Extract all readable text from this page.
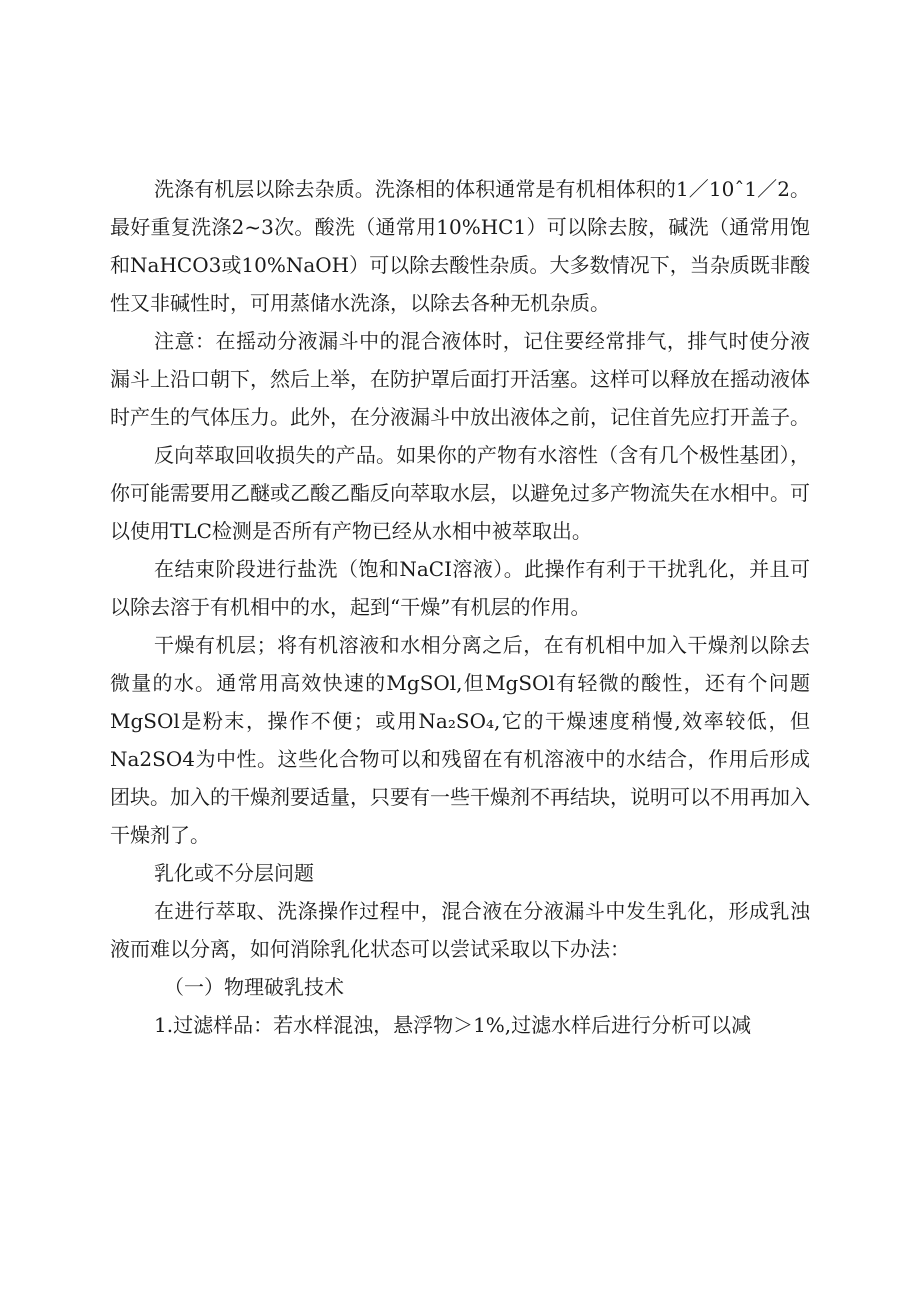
洗涤有机层以除去杂质。洗涤相的体积通常是有机相体积的1／10ˆ1／2。最好重复洗涤2~3次。酸洗（通常用10%HC1）可以除去胺，碱洗（通常用饱和NaHCO3或10%NaOH）可以除去酸性杂质。大多数情况下，当杂质既非酸性又非碱性时，可用蒸储水洗涤，以除去各种无机杂质。

注意：在摇动分液漏斗中的混合液体时，记住要经常排气，排气时使分液漏斗上沿口朝下，然后上举，在防护罩后面打开活塞。这样可以释放在摇动液体时产生的气体压力。此外，在分液漏斗中放出液体之前，记住首先应打开盖子。

反向萃取回收损失的产品。如果你的产物有水溶性（含有几个极性基团），你可能需要用乙醚或乙酸乙酯反向萃取水层，以避免过多产物流失在水相中。可以使用TLC检测是否所有产物已经从水相中被萃取出。

在结束阶段进行盐洗（饱和NaCI溶液）。此操作有利于干扰乳化，并且可以除去溶于有机相中的水，起到“干燥”有机层的作用。

干燥有机层；将有机溶液和水相分离之后，在有机相中加入干燥剂以除去微量的水。通常用高效快速的MgSOl,但MgSOl有轻微的酸性，还有个问题MgSOl是粉末，操作不便；或用Na₂SO₄,它的干燥速度稍慢,效率较低，但Na2SO4为中性。这些化合物可以和残留在有机溶液中的水结合，作用后形成团块。加入的干燥剂要适量，只要有一些干燥剂不再结块，说明可以不用再加入干燥剂了。

乳化或不分层问题

在进行萃取、洗涤操作过程中，混合液在分液漏斗中发生乳化，形成乳浊液而难以分离，如何消除乳化状态可以尝试采取以下办法：

（一）物理破乳技术

1.过滤样品：若水样混浊，悬浮物＞1%,过滤水样后进行分析可以减
